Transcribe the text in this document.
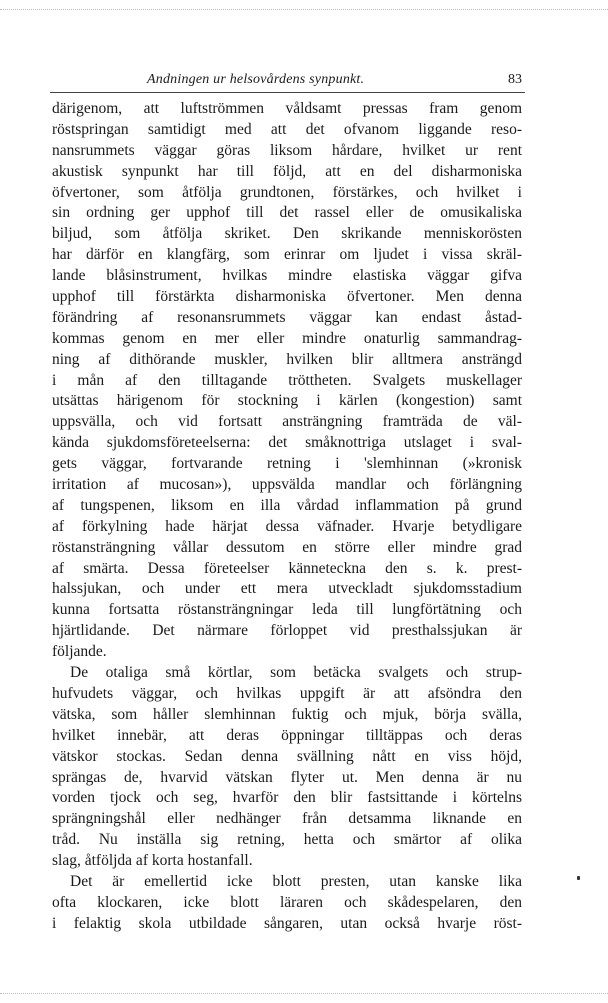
Andningen ur helsovårdens synpunkt.	83
därigenom, att luftströmmen våldsamt pressas fram genom
röstspringan samtidigt med att det ofvanom liggande reso-
nansrummets väggar göras liksom hårdare, hvilket ur rent
akustisk synpunkt har till följd, att en del disharmoniska
öfvertoner, som åtfölja grundtonen, förstärkes, och hvilket i
sin ordning ger upphof till det rassel eller de omusikaliska
biljud, som åtfölja skriket. Den skrikande menniskorösten
har därför en klangfärg, som erinrar om ljudet i vissa skräl-
lande blåsinstrument, hvilkas mindre elastiska väggar gifva
upphof till förstärkta disharmoniska öfvertoner. Men denna
förändring af resonansrummets väggar kan endast åstad-
kommas genom en mer eller mindre onaturlig sammandrag-
ning af dithörande muskler, hvilken blir alltmera ansträngd
i mån af den tilltagande tröttheten. Svalgets muskellager
utsättas härigenom för stockning i kärlen (kongestion) samt
uppsvälla, och vid fortsatt ansträngning framträda de väl-
kända sjukdomsföreteelserna: det småknottriga utslaget i sval-
gets väggar, fortvarande retning i 'slemhinnan (»kronisk
irritation af mucosan»), uppsvälda mandlar och förlängning
af tungspenen, liksom en illa vårdad inflammation på grund
af förkylning hade härjat dessa väfnader. Hvarje betydligare
röstansträngning vållar dessutom en större eller mindre grad
af smärta. Dessa företeelser känneteckna den s. k. prest-
halssjukan, och under ett mera utveckladt sjukdomsstadium
kunna fortsatta röstansträngningar leda till lungförtätning och
hjärtlidande. Det närmare förloppet vid presthalssjukan är
följande.
De otaliga små körtlar, som betäcka svalgets och strup-
hufvudets väggar, och hvilkas uppgift är att afsöndra den
vätska, som håller slemhinnan fuktig och mjuk, börja svälla,
hvilket innebär, att deras öppningar tilltäppas och deras
vätskor stockas. Sedan denna svällning nått en viss höjd,
sprängas de, hvarvid vätskan flyter ut. Men denna är nu
vorden tjock och seg, hvarför den blir fastsittande i körtelns
sprängningshål eller nedhänger från detsamma liknande en
tråd. Nu inställa sig retning, hetta och smärtor af olika
slag, åtföljda af korta hostanfall.
Det är emellertid icke blott presten, utan kanske lika
ofta klockaren, icke blott läraren och skådespelaren, den
i felaktig skola utbildade sångaren, utan också hvarje röst-
